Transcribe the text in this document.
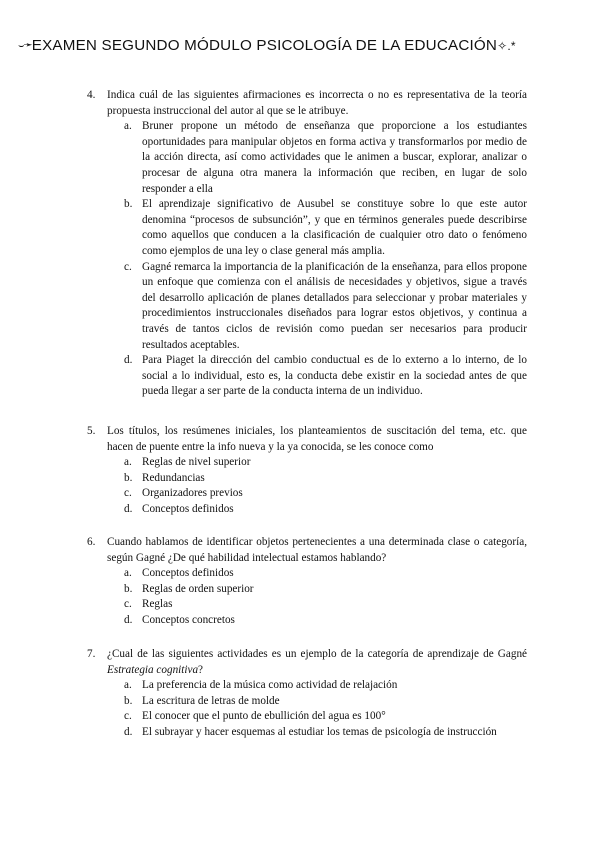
⌣➛EXAMEN SEGUNDO MÓDULO PSICOLOGÍA DE LA EDUCACIÓN✧.*
4.	Indica cuál de las siguientes afirmaciones es incorrecta o no es representativa de la teoría propuesta instruccional del autor al que se le atribuye.
a. Bruner propone un método de enseñanza que proporcione a los estudiantes oportunidades para manipular objetos en forma activa y transformarlos por medio de la acción directa, así como actividades que le animen a buscar, explorar, analizar o procesar de alguna otra manera la información que reciben, en lugar de solo responder a ella
b. El aprendizaje significativo de Ausubel se constituye sobre lo que este autor denomina “procesos de subsunción”, y que en términos generales puede describirse como aquellos que conducen a la clasificación de cualquier otro dato o fenómeno como ejemplos de una ley o clase general más amplia.
c. Gagné remarca la importancia de la planificación de la enseñanza, para ellos propone un enfoque que comienza con el análisis de necesidades y objetivos, sigue a través del desarrollo aplicación de planes detallados para seleccionar y probar materiales y procedimientos instruccionales diseñados para lograr estos objetivos, y continua a través de tantos ciclos de revisión como puedan ser necesarios para producir resultados aceptables.
d. Para Piaget la dirección del cambio conductual es de lo externo a lo interno, de lo social a lo individual, esto es, la conducta debe existir en la sociedad antes de que pueda llegar a ser parte de la conducta interna de un individuo.
5.	Los títulos, los resúmenes iniciales, los planteamientos de suscitación del tema, etc. que hacen de puente entre la info nueva y la ya conocida, se les conoce como
a. Reglas de nivel superior
b. Redundancias
c. Organizadores previos
d. Conceptos definidos
6.	Cuando hablamos de identificar objetos pertenecientes a una determinada clase o categoría, según Gagné ¿De qué habilidad intelectual estamos hablando?
a. Conceptos definidos
b. Reglas de orden superior
c. Reglas
d. Conceptos concretos
7.	¿Cual de las siguientes actividades es un ejemplo de la categoría de aprendizaje de Gagné Estrategia cognitiva?
a. La preferencia de la música como actividad de relajación
b. La escritura de letras de molde
c. El conocer que el punto de ebullición del agua es 100°
d. El subrayar y hacer esquemas al estudiar los temas de psicología de instrucción
